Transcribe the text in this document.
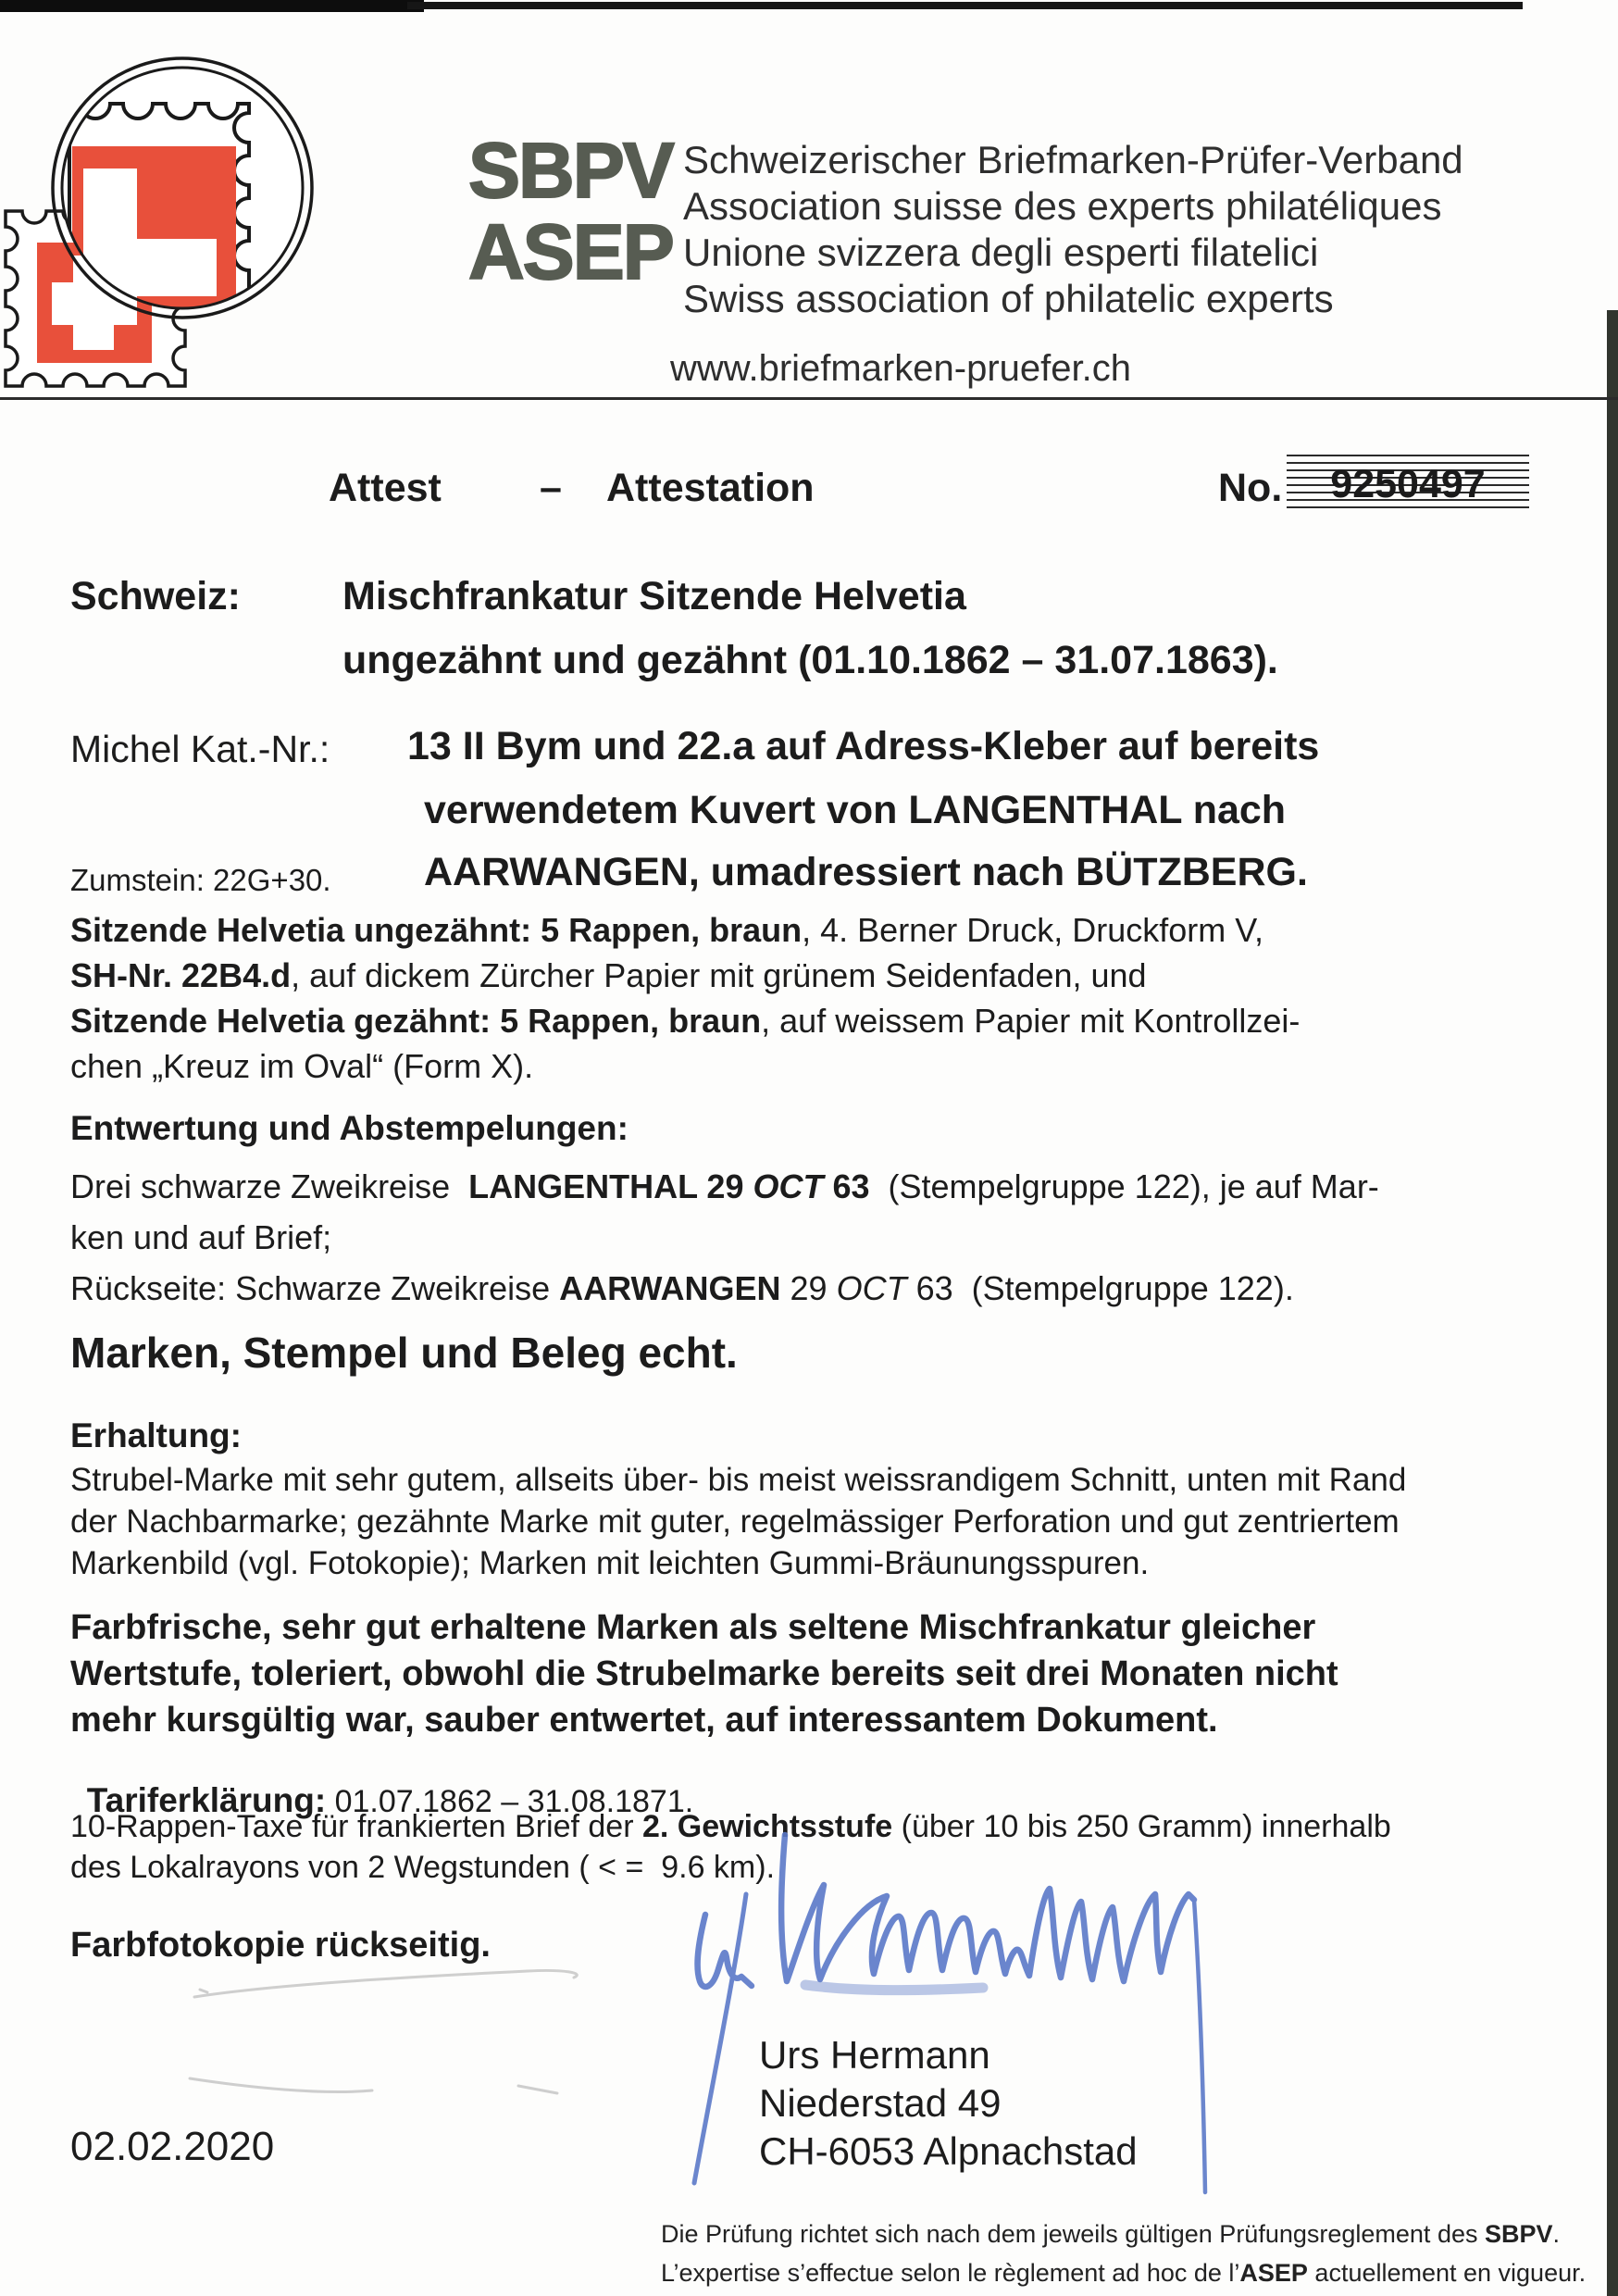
SBPV
ASEP
Schweizerischer Briefmarken-Prüfer-Verband
Association suisse des experts philatéliques
Unione svizzera degli esperti filatelici
Swiss association of philatelic experts
www.briefmarken-pruefer.ch
Attest – Attestation	No. 9250497
Schweiz:	Mischfrankatur Sitzende Helvetia
ungezähnt und gezähnt (01.10.1862 – 31.07.1863).
Michel Kat.-Nr.: 13 II Bym und 22.a auf Adress-Kleber auf bereits
verwendetem Kuvert von LANGENTHAL nach
Zumstein: 22G+30. AARWANGEN, umadressiert nach BÜTZBERG.
Sitzende Helvetia ungezähnt: 5 Rappen, braun, 4. Berner Druck, Druckform V,
SH-Nr. 22B4.d, auf dickem Zürcher Papier mit grünem Seidenfaden, und
Sitzende Helvetia gezähnt: 5 Rappen, braun, auf weissem Papier mit Kontrollzei-
chen „Kreuz im Oval“ (Form X).
Entwertung und Abstempelungen:
Drei schwarze Zweikreise  LANGENTHAL 29 OCT 63  (Stempelgruppe 122), je auf Mar-
ken und auf Brief;
Rückseite: Schwarze Zweikreise AARWANGEN 29 OCT 63  (Stempelgruppe 122).
Marken, Stempel und Beleg echt.
Erhaltung:
Strubel-Marke mit sehr gutem, allseits über- bis meist weissrandigem Schnitt, unten mit Rand
der Nachbarmarke; gezähnte Marke mit guter, regelmässiger Perforation und gut zentriertem
Markenbild (vgl. Fotokopie); Marken mit leichten Gummi-Bräunungsspuren.
Farbfrische, sehr gut erhaltene Marken als seltene Mischfrankatur gleicher
Wertstufe, toleriert, obwohl die Strubelmarke bereits seit drei Monaten nicht
mehr kursgültig war, sauber entwertet, auf interessantem Dokument.

Tariferklärung: 01.07.1862 – 31.08.1871.

10-Rappen-Taxe für frankierten Brief der 2. Gewichtsstufe (über 10 bis 250 Gramm) innerhalb
des Lokalrayons von 2 Wegstunden ( < =  9.6 km).
Farbfotokopie rückseitig.
Urs Hermann
Niederstad 49
CH-6053 Alpnachstad
02.02.2020
Die Prüfung richtet sich nach dem jeweils gültigen Prüfungsreglement des SBPV.
L’expertise s’effectue selon le règlement ad hoc de l’ASEP actuellement en vigueur.
